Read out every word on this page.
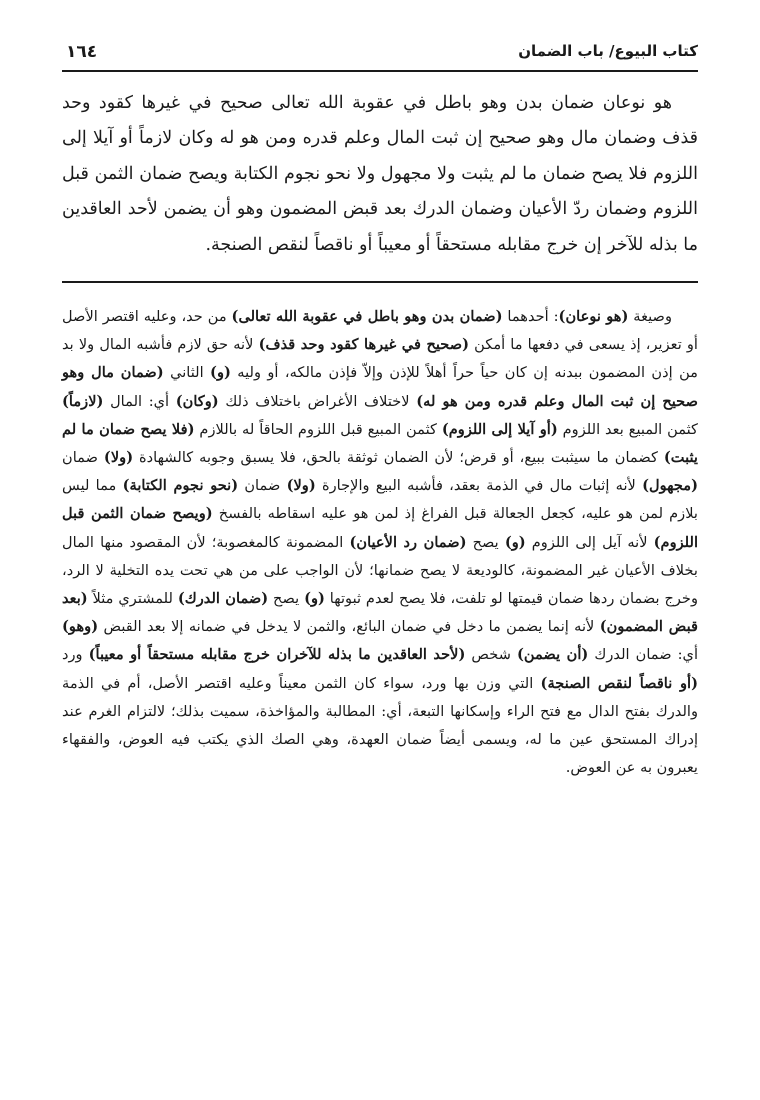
كتاب البيوع/ باب الضمان
١٦٤

هو نوعان ضمان بدن وهو باطل في عقوبة الله تعالى صحيح في غيرها كقود وحد قذف وضمان مال وهو صحيح إن ثبت المال وعلم قدره ومن هو له وكان لازماً أو آيلا إلى اللزوم فلا يصح ضمان ما لم يثبت ولا مجهول ولا نحو نجوم الكتابة ويصح ضمان الثمن قبل اللزوم وضمان ردّ الأعيان وضمان الدرك بعد قبض المضمون وهو أن يضمن لأحد العاقدين ما بذله للآخر إن خرج مقابله مستحقاً أو معيباً أو ناقصاً لنقص الصنجة.

وصيغة (هو نوعان): أحدهما (ضمان بدن وهو باطل في عقوبة الله تعالى) من حد، وعليه اقتصر الأصل أو تعزير، إذ يسعى في دفعها ما أمكن (صحيح في غيرها كقود وحد قذف) لأنه حق لازم فأشبه المال ولا بد من إذن المضمون ببدنه إن كان حياً حراً أهلاً للإذن وإلاّ فإذن مالكه، أو وليه (و) الثاني (ضمان مال وهو صحيح إن ثبت المال وعلم قدره ومن هو له) لاختلاف الأغراض باختلاف ذلك (وكان) أي: المال (لازماً) كثمن المبيع بعد اللزوم (أو آيلا إلى اللزوم) كثمن المبيع قبل اللزوم الحاقاً له باللازم (فلا يصح ضمان ما لم يثبت) كضمان ما سيثبت ببيع، أو قرض؛ لأن الضمان ثوثقة بالحق، فلا يسبق وجوبه كالشهادة (ولا) ضمان (مجهول) لأنه إثبات مال في الذمة بعقد، فأشبه البيع والإجارة (ولا) ضمان (نحو نجوم الكتابة) مما ليس بلازم لمن هو عليه، كجعل الجعالة قبل الفراغ إذ لمن هو عليه اسقاطه بالفسخ (ويصح ضمان الثمن قبل اللزوم) لأنه آيل إلى اللزوم (و) يصح (ضمان رد الأعيان) المضمونة كالمغصوبة؛ لأن المقصود منها المال بخلاف الأعيان غير المضمونة، كالوديعة لا يصح ضمانها؛ لأن الواجب على من هي تحت يده التخلية لا الرد، وخرج بضمان ردها ضمان قيمتها لو تلفت، فلا يصح لعدم ثبوتها (و) يصح (ضمان الدرك) للمشتري مثلاً (بعد قبض المضمون) لأنه إنما يضمن ما دخل في ضمان البائع، والثمن لا يدخل في ضمانه إلا بعد القبض (وهو) أي: ضمان الدرك (أن يضمن) شخص (لأحد العاقدين ما بذله للآخران خرج مقابله مستحقاً أو معيباً) ورد (أو ناقصاً لنقص الصنجة) التي وزن بها ورد، سواء كان الثمن معيناً وعليه اقتصر الأصل، أم في الذمة والدرك بفتح الدال مع فتح الراء وإسكانها التبعة، أي: المطالبة والمؤاخذة، سميت بذلك؛ لالتزام الغرم عند إدراك المستحق عين ما له، ويسمى أيضاً ضمان العهدة، وهي الصك الذي يكتب فيه العوض، والفقهاء يعبرون به عن العوض.
